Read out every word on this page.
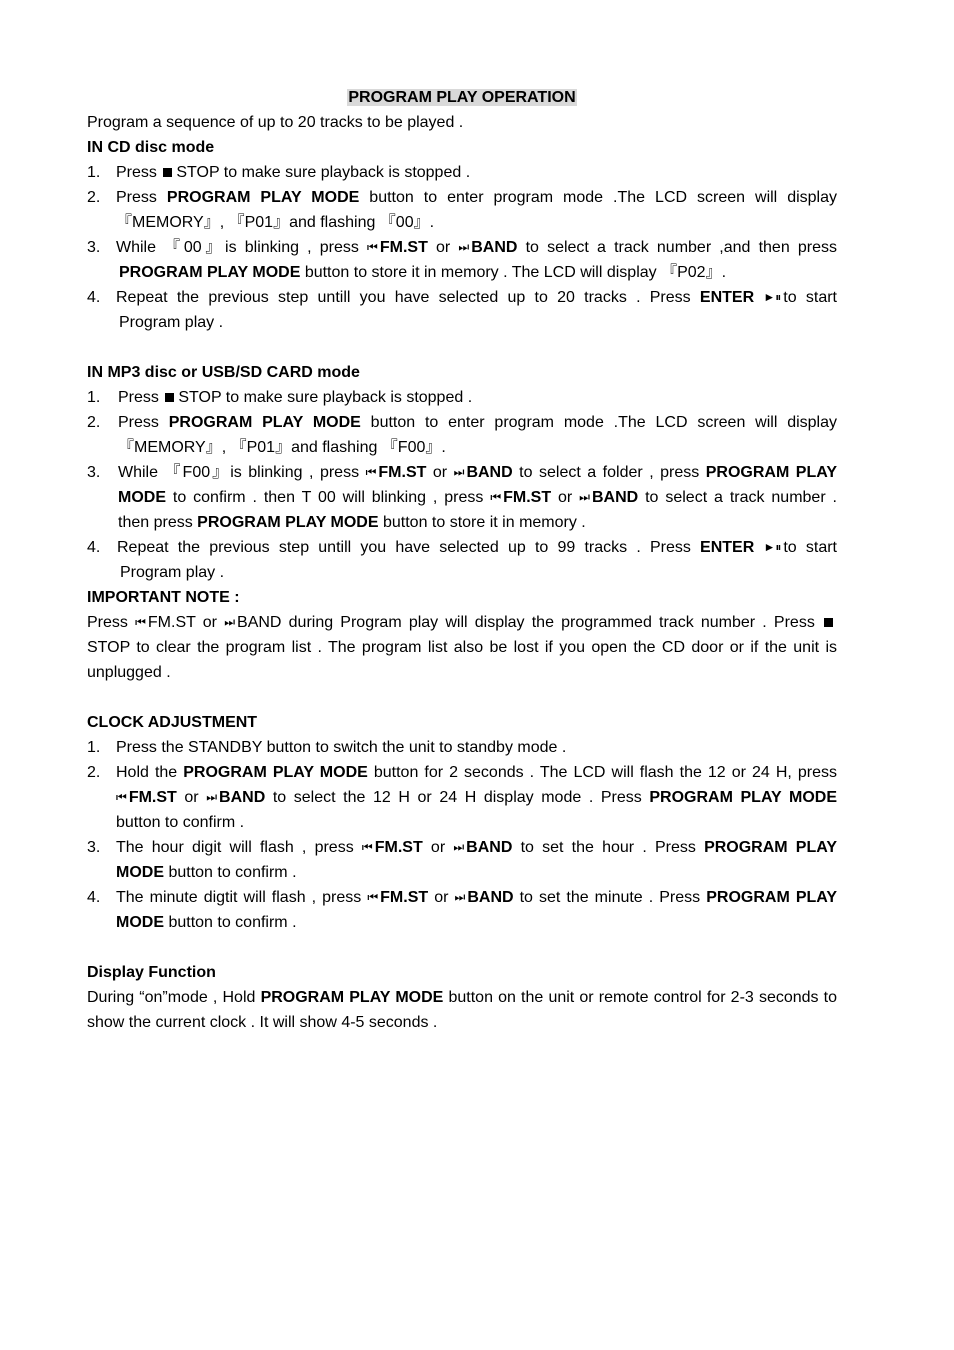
PROGRAM PLAY OPERATION
Program a sequence of up to 20 tracks to be played .
IN CD disc mode
1. Press STOP to make sure playback is stopped .
2. Press PROGRAM PLAY MODE button to enter program mode .The LCD screen will display
『MEMORY』, 『P01』and flashing 『00』.
3. While 『00』is blinking , press ⏮ FM.ST or ⏭ BAND to select a track number ,and then press
PROGRAM PLAY MODE button to store it in memory . The LCD will display 『P02』.
4. Repeat the previous step untill you have selected up to 20 tracks . Press ENTER ►⏸ to start
Program play .
IN MP3 disc or USB/SD CARD mode
1.	Press STOP to make sure playback is stopped .
2.	Press PROGRAM PLAY MODE button to enter program mode .The LCD screen will display
『MEMORY』, 『P01』and flashing 『F00』.
3.	While 『F00』is blinking , press ⏮ FM.ST or ⏭ BAND to select a folder , press PROGRAM PLAY
MODE to confirm . then T 00 will blinking , press ⏮ FM.ST or ⏭ BAND to select a track number .
then press PROGRAM PLAY MODE button to store it in memory .
4.	Repeat the previous step untill you have selected up to 99 tracks . Press ENTER ►⏸ to start
Program play .
IMPORTANT NOTE :
Press ⏮ FM.ST or ⏭ BAND during Program play will display the programmed track number . Press STOP to clear the program list . The program list also be lost if you open the CD door or if the unit is unplugged .
CLOCK ADJUSTMENT
1. Press the STANDBY button to switch the unit to standby mode .
2. Hold the PROGRAM PLAY MODE button for 2 seconds . The LCD will flash the 12 or 24 H, press
⏮ FM.ST or ⏭ BAND to select the 12 H or 24 H display mode . Press PROGRAM PLAY MODE
button to confirm .
3. The hour digit will flash , press ⏮ FM.ST or ⏭ BAND to set the hour . Press PROGRAM PLAY
MODE button to confirm .
4. The minute digtit will flash , press ⏮ FM.ST or ⏭ BAND to set the minute . Press PROGRAM PLAY
MODE button to confirm .
Display Function
During “on”mode , Hold PROGRAM PLAY MODE button on the unit or remote control for 2-3 seconds to show the current clock . It will show 4-5 seconds .
